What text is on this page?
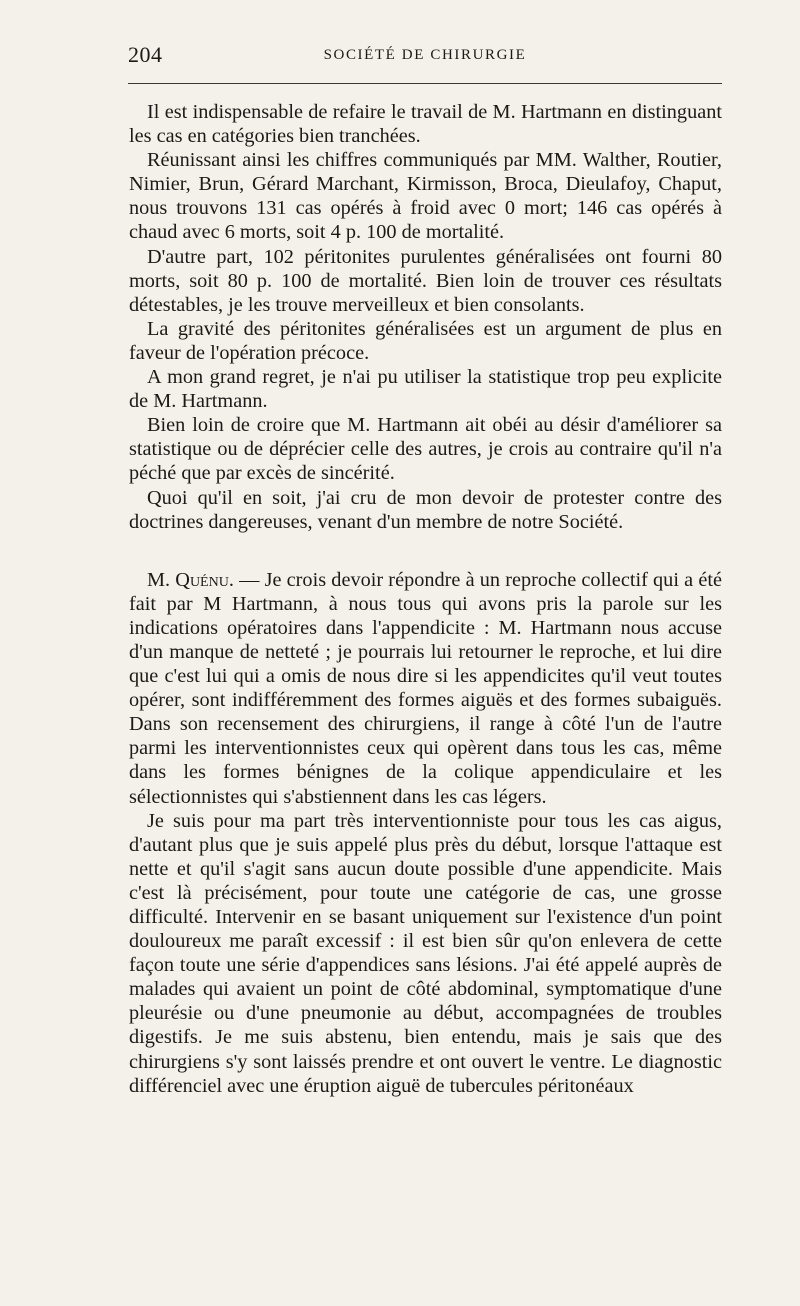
204	SOCIÉTÉ DE CHIRURGIE

Il est indispensable de refaire le travail de M. Hartmann en distinguant les cas en catégories bien tranchées.

Réunissant ainsi les chiffres communiqués par MM. Walther, Routier, Nimier, Brun, Gérard Marchant, Kirmisson, Broca, Dieulafoy, Chaput, nous trouvons 131 cas opérés à froid avec 0 mort; 146 cas opérés à chaud avec 6 morts, soit 4 p. 100 de mortalité.

D'autre part, 102 péritonites purulentes généralisées ont fourni 80 morts, soit 80 p. 100 de mortalité. Bien loin de trouver ces résultats détestables, je les trouve merveilleux et bien consolants.

La gravité des péritonites généralisées est un argument de plus en faveur de l'opération précoce.

A mon grand regret, je n'ai pu utiliser la statistique trop peu explicite de M. Hartmann.

Bien loin de croire que M. Hartmann ait obéi au désir d'améliorer sa statistique ou de déprécier celle des autres, je crois au contraire qu'il n'a péché que par excès de sincérité.

Quoi qu'il en soit, j'ai cru de mon devoir de protester contre des doctrines dangereuses, venant d'un membre de notre Société.

M. Quénu. — Je crois devoir répondre à un reproche collectif qui a été fait par M Hartmann, à nous tous qui avons pris la parole sur les indications opératoires dans l'appendicite : M. Hartmann nous accuse d'un manque de netteté ; je pourrais lui retourner le reproche, et lui dire que c'est lui qui a omis de nous dire si les appendicites qu'il veut toutes opérer, sont indifféremment des formes aiguës et des formes subaiguës. Dans son recensement des chirurgiens, il range à côté l'un de l'autre parmi les interventionnistes ceux qui opèrent dans tous les cas, même dans les formes bénignes de la colique appendiculaire et les sélectionnistes qui s'abstiennent dans les cas légers.

Je suis pour ma part très interventionniste pour tous les cas aigus, d'autant plus que je suis appelé plus près du début, lorsque l'attaque est nette et qu'il s'agit sans aucun doute possible d'une appendicite. Mais c'est là précisément, pour toute une catégorie de cas, une grosse difficulté. Intervenir en se basant uniquement sur l'existence d'un point douloureux me paraît excessif : il est bien sûr qu'on enlevera de cette façon toute une série d'appendices sans lésions. J'ai été appelé auprès de malades qui avaient un point de côté abdominal, symptomatique d'une pleurésie ou d'une pneumonie au début, accompagnées de troubles digestifs. Je me suis abstenu, bien entendu, mais je sais que des chirurgiens s'y sont laissés prendre et ont ouvert le ventre. Le diagnostic différenciel avec une éruption aiguë de tubercules péritonéaux
